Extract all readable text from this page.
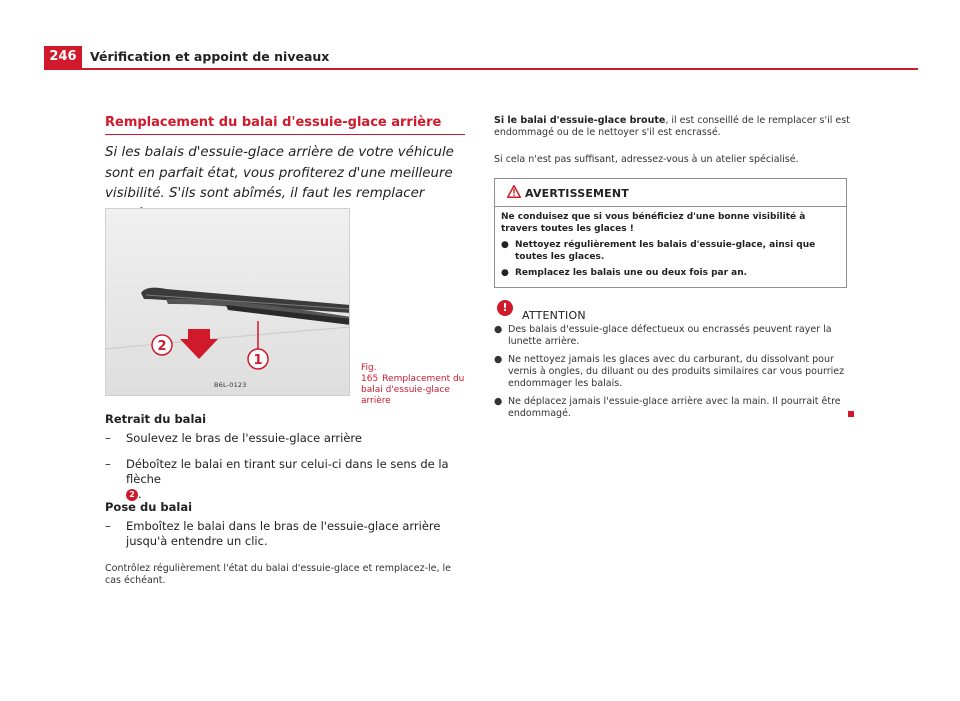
246	Vérification et appoint de niveaux
Remplacement du balai d'essuie-glace arrière
Si les balais d'essuie-glace arrière de votre véhicule sont en parfait état, vous profiterez d'une meilleure visibilité. S'ils sont abîmés, il faut les remplacer
2
1
B6L-0123
Fig. 165 Remplacement du balai d'essuie-glace arrière
Retrait du balai
– Soulevez le bras de l'essuie-glace arrière
– Déboîtez le balai en tirant sur celui-ci dans le sens de la flèche
2 .
Pose du balai
– Emboîtez le balai dans le bras de l'essuie-glace arrière jusqu'à entendre un clic.
Contrôlez régulièrement l'état du balai d'essuie-glace et remplacez-le, le cas échéant.
Si le balai d'essuie-glace broute, il est conseillé de le remplacer s'il est endommagé ou de le nettoyer s'il est encrassé.
Si cela n'est pas suffisant, adressez-vous à un atelier spécialisé.
AVERTISSEMENT

Ne conduisez que si vous bénéficiez d'une bonne visibilité à travers toutes les glaces !

● Nettoyez régulièrement les balais d'essuie-glace, ainsi que toutes les glaces.

● Remplacez les balais une ou deux fois par an.

!
ATTENTION

● Des balais d'essuie-glace défectueux ou encrassés peuvent rayer la lunette arrière.

● Ne nettoyez jamais les glaces avec du carburant, du dissolvant pour vernis à ongles, du diluant ou des produits similaires car vous pourriez endommager les balais.

● Ne déplacez jamais l'essuie-glace arrière avec la main. Il pourrait être endommagé.
